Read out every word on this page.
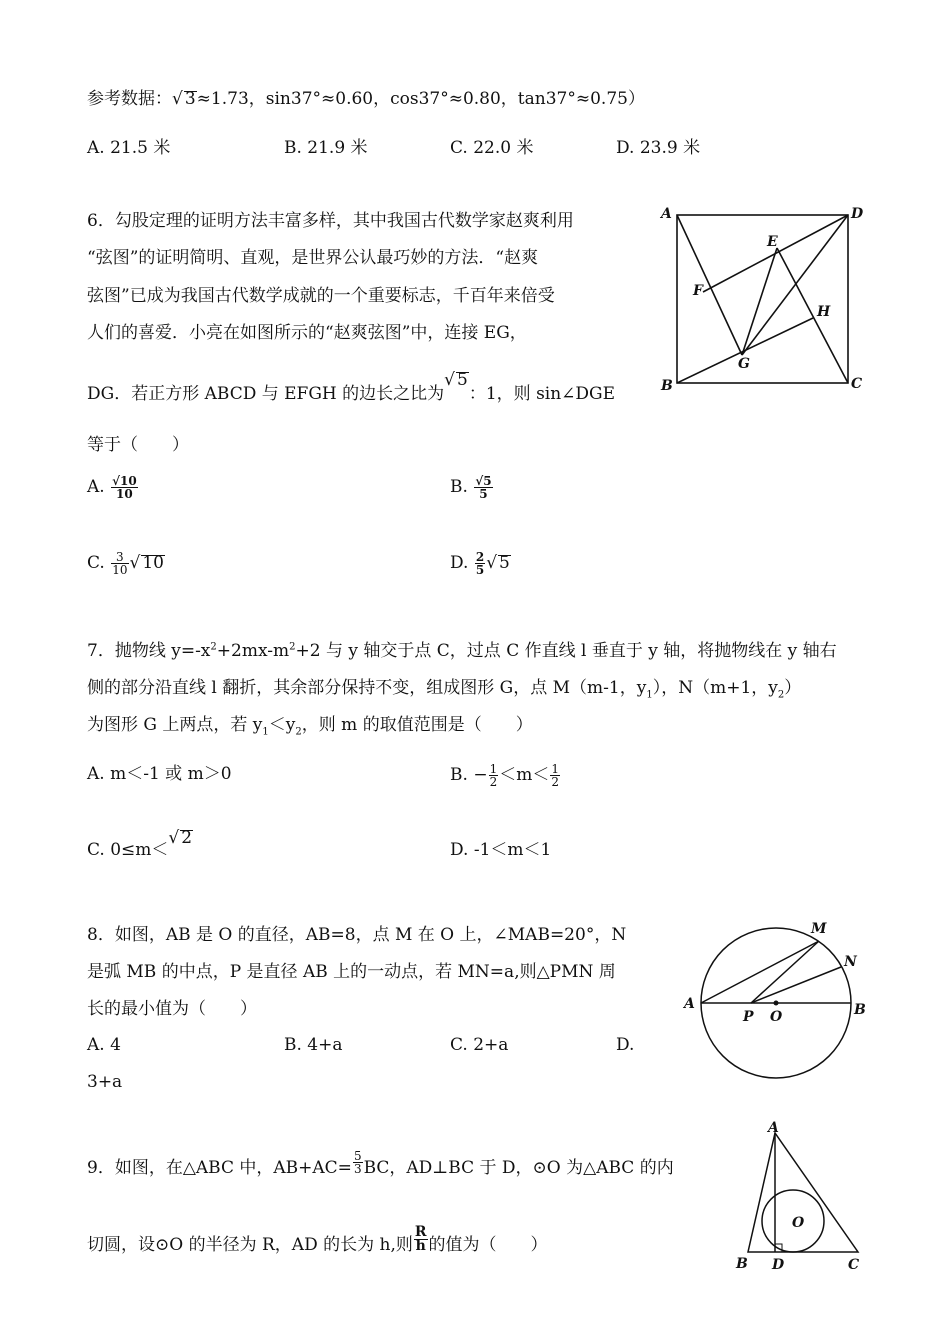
参考数据：√ 3≈1.73，sin37°≈0.60，cos37°≈0.80，tan37°≈0.75）
A. 21.5 米	B. 21.9 米	C. 22.0 米	D. 23.9 米
6．勾股定理的证明方法丰富多样，其中我国古代数学家赵爽利用
“弦图”的证明简明、直观，是世界公认最巧妙的方法．“赵爽
弦图”已成为我国古代数学成就的一个重要标志，千百年来倍受
人们的喜爱．小亮在如图所示的“赵爽弦图”中，连接 EG，
DG．若正方形 ABCD 与 EFGH 的边长之比为√ 5：1，则 sin∠DGE
等于（　　）
A. $\frac{√10}{10}$	B. $\frac{√5}{5}$
C. $\frac{3}{10}$ √ 10	D. $\frac{2}{5}$ √ 5
A	D
B	C
E
F
G
H
7．抛物线 $y=-x^2+2mx-m^2+2$ 与 y 轴交于点 C，过点 C 作直线 l 垂直于 y 轴，将抛物线在 y 轴右
侧的部分沿直线 l 翻折，其余部分保持不变，组成图形 G，点 M（m-1，$y_1$），N（m+1，$y_2$）
为图形 G 上两点，若 $y_1<y_2$，则 m 的取值范围是（　　）
A. m＜-1 或 m＞0	B. − $\frac{1}{2} <m< \frac{1}{2}$
C. 0≤m＜√ 2
D. -1＜m＜1
8．如图，AB 是 O 的直径，AB=8，点 M 在 O 上，∠MAB=20°，N
是弧 MB 的中点，P 是直径 AB 上的一动点，若 MN=a,则△PMN 周
长的最小值为（　　）
A. 4	B. 4+a	C. 2+a	D.
3+a
A	B
M
N
P O
9．如图，在△ABC 中，$AB+AC= \frac{5}{3}$ BC，AD⊥BC 于 D，⊙O 为△ABC 的内
切圆，设⊙O 的半径为 R，AD 的长为 h,则 $\frac{R}{h}$ 的值为（　　）
A
B D	C
O
